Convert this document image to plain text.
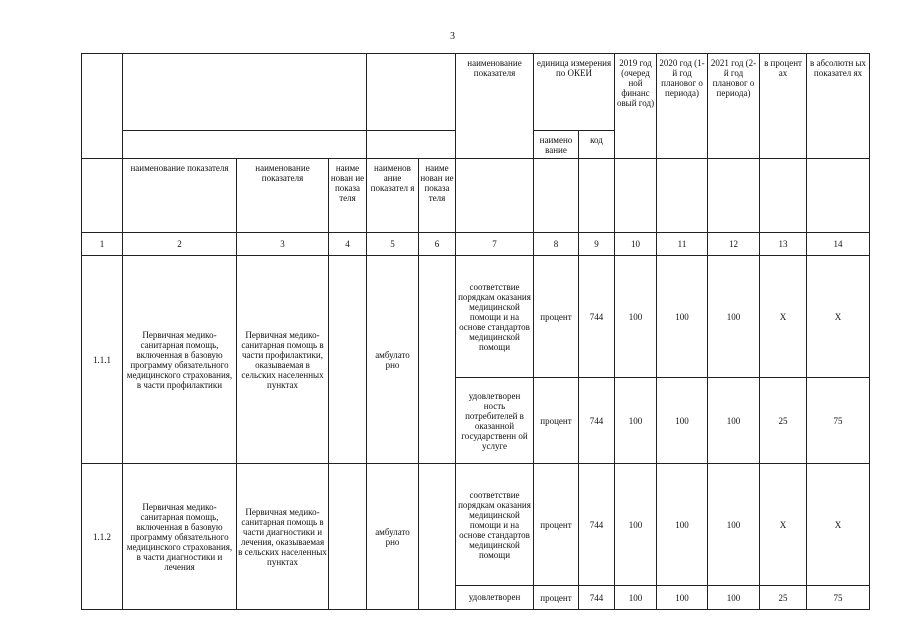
3
						наименование показателя	единица измерения по ОКЕИ		2019 год (очеред ной финанс овый год)	2020 год (1-й год плановог о периода)	2021 год (2-й год плановог о периода)	в процент ах	в абсолютн ых показател ях
							наимено вание	код					
	наименование показателя	наименование показателя	наиме нован ие показа теля	наименов ание показател я	наиме нован ие показа теля								
1	2	3	4	5	6	7	8	9	10	11	12	13	14
1.1.1	Первичная медико-санитарная помощь, включенная в базовую программу обязательного медицинского страхования, в части профилактики	Первичная медико-санитарная помощь в части профилактики, оказываемая в сельских населенных пунктах		амбулато рно		соответствие порядкам оказания медицинской помощи и на основе стандартов медицинской помощи	процент	744	100	100	100	Х	Х
						удовлетворен ность потребителей в оказанной государственн ой услуге	процент	744	100	100	100	25	75
1.1.2	Первичная медико-санитарная помощь, включенная в базовую программу обязательного медицинского страхования, в части диагностики и лечения	Первичная медико-санитарная помощь в части диагностики и лечения, оказываемая в сельских населенных пунктах		амбулато рно		соответствие порядкам оказания медицинской помощи и на основе стандартов медицинской помощи	процент	744	100	100	100	Х	Х

						удовлетворен	процент	744	100	100	100	25	75
